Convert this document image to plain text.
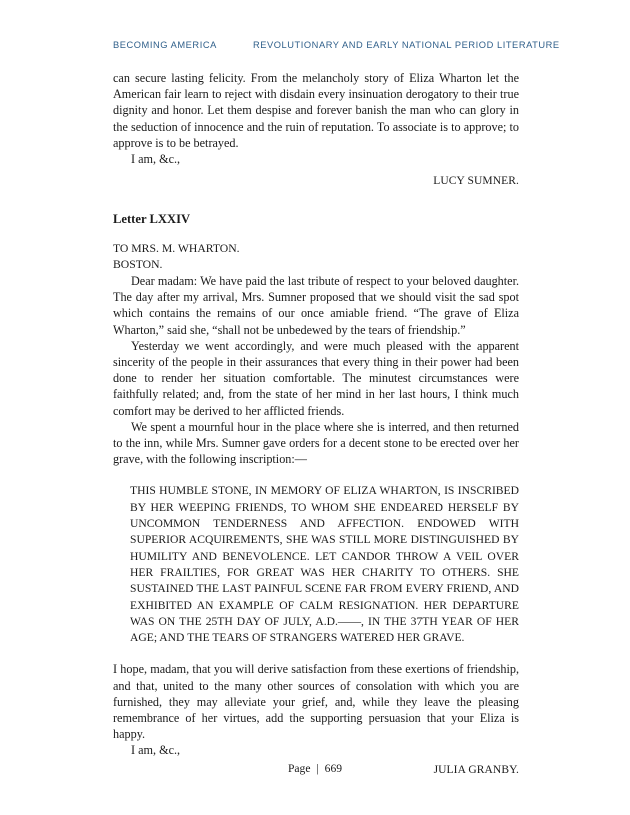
BECOMING AMERICA	REVOLUTIONARY AND EARLY NATIONAL PERIOD LITERATURE

can secure lasting felicity. From the melancholy story of Eliza Wharton let the American fair learn to reject with disdain every insinuation derogatory to their true dignity and honor. Let them despise and forever banish the man who can glory in the seduction of innocence and the ruin of reputation. To associate is to approve; to approve is to be betrayed.

I am, &c.,

LUCY SUMNER.

Letter LXXIV

TO MRS. M. WHARTON.

BOSTON.

Dear madam: We have paid the last tribute of respect to your beloved daughter. The day after my arrival, Mrs. Sumner proposed that we should visit the sad spot which contains the remains of our once amiable friend. “The grave of Eliza Wharton,” said she, “shall not be unbedewed by the tears of friendship.”

Yesterday we went accordingly, and were much pleased with the apparent sincerity of the people in their assurances that every thing in their power had been done to render her situation comfortable. The minutest circumstances were faithfully related; and, from the state of her mind in her last hours, I think much comfort may be derived to her afflicted friends.

We spent a mournful hour in the place where she is interred, and then returned to the inn, while Mrs. Sumner gave orders for a decent stone to be erected over her grave, with the following inscription:—

THIS HUMBLE STONE, IN MEMORY OF ELIZA WHARTON, IS INSCRIBED BY HER WEEPING FRIENDS, TO WHOM SHE ENDEARED HERSELF BY UNCOMMON TENDERNESS AND AFFECTION. ENDOWED WITH SUPERIOR ACQUIREMENTS, SHE WAS STILL MORE DISTINGUISHED BY HUMILITY AND BENEVOLENCE. LET CANDOR THROW A VEIL OVER HER FRAILTIES, FOR GREAT WAS HER CHARITY TO OTHERS. SHE SUSTAINED THE LAST PAINFUL SCENE FAR FROM EVERY FRIEND, AND EXHIBITED AN EXAMPLE OF CALM RESIGNATION. HER DEPARTURE WAS ON THE 25TH DAY OF JULY, A.D.——, IN THE 37TH YEAR OF HER AGE; AND THE TEARS OF STRANGERS WATERED HER GRAVE.

I hope, madam, that you will derive satisfaction from these exertions of friendship, and that, united to the many other sources of consolation with which you are furnished, they may alleviate your grief, and, while they leave the pleasing remembrance of her virtues, add the supporting persuasion that your Eliza is happy.

I am, &c.,

JULIA GRANBY.

Page | 669
